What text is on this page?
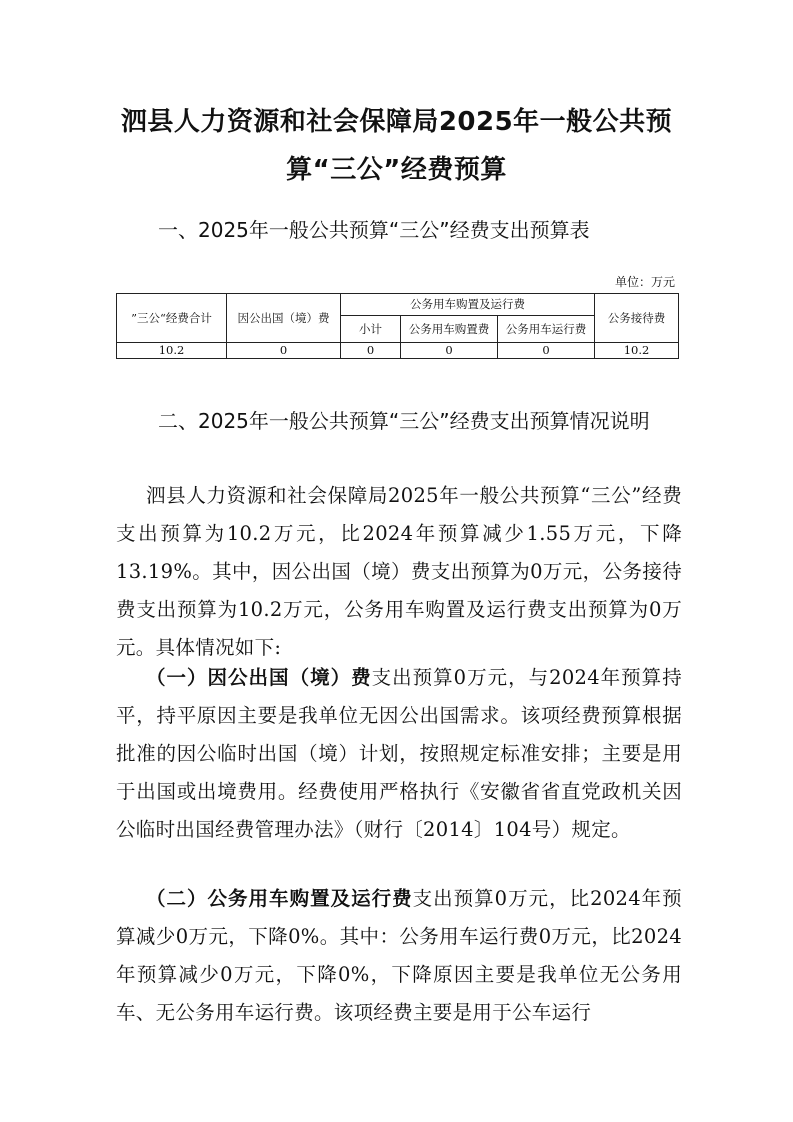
泗县人力资源和社会保障局2025年一般公共预算“三公”经费预算
一、2025年一般公共预算“三公”经费支出预算表
单位：万元
”三公“经费合计	因公出国（境）费	公务用车购置及运行费			公务接待费
		小计	公务用车购置费	公务用车运行费	
10.2	0	0	0	0	10.2
二、2025年一般公共预算“三公”经费支出预算情况说明

泗县人力资源和社会保障局2025年一般公共预算“三公”经费支出预算为10.2万元，比2024年预算减少1.55万元，下降13.19%。其中，因公出国（境）费支出预算为0万元，公务接待费支出预算为10.2万元，公务用车购置及运行费支出预算为0万元。具体情况如下:

（一）因公出国（境）费支出预算0万元，与2024年预算持平，持平原因主要是我单位无因公出国需求。该项经费预算根据批准的因公临时出国（境）计划，按照规定标准安排；主要是用于出国或出境费用。经费使用严格执行《安徽省省直党政机关因公临时出国经费管理办法》（财行〔2014〕104号）规定。

（二）公务用车购置及运行费支出预算0万元，比2024年预算减少0万元，下降0%。其中：公务用车运行费0万元，比2024年预算减少0万元，下降0%，下降原因主要是我单位无公务用车、无公务用车运行费。该项经费主要是用于公车运行
